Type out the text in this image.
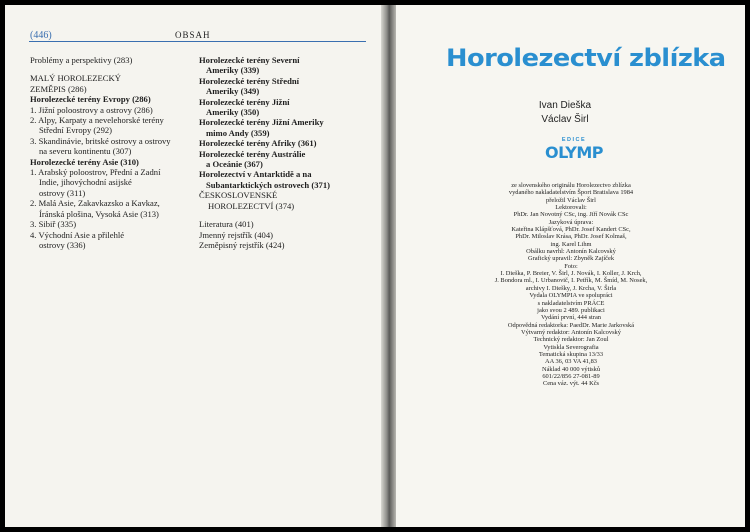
(446)	OBSAH
Problémy a perspektivy (283)
MALÝ HOROLEZECKÝ
ZEMĚPIS (286)
Horolezecké terény Evropy (286)
1. Jižní poloostrovy a ostrovy (286)
2. Alpy, Karpaty a nevelehorské terény
Střední Evropy (292)
3. Skandinávie, britské ostrovy a ostrovy
na severu kontinentu (307)
Horolezecké terény Asie (310)
1. Arabský poloostrov, Přední a Zadní
Indie, jihovýchodní asijské
ostrovy (311)
2. Malá Asie, Zakavkazsko a Kavkaz,
Íránská plošina, Vysoká Asie (313)
3. Sibiř (335)
4. Východní Asie a přilehlé
ostrovy (336)
Horolezecké terény Severní
Ameriky (339)
Horolezecké terény Střední
Ameriky (349)
Horolezecké terény Jižní
Ameriky (350)
Horolezecké terény Jižní Ameriky
mimo Andy (359)
Horolezecké terény Afriky (361)
Horolezecké terény Austrálie
a Oceánie (367)
Horolezectví v Antarktidě a na
Subantarktických ostrovech (371)
ČESKOSLOVENSKÉ
HOROLEZECTVÍ (374)
Literatura (401)
Jmenný rejstřík (404)
Zeměpisný rejstřík (424)
Horolezectví zblízka
Ivan Dieška
Václav Širl
EDICE
OLYMP
ze slovenského originálu Horolezectvo zblízka
vydaného nakladatelstvím Šport Bratislava 1984
přeložil Václav Širl
Lektorovali:
PhDr. Jan Novotný CSc, ing. Jiří Novák CSc
Jazyková úprava:
Kateřina Klápšťová, PhDr. Josef Kandert CSc,
PhDr. Miloslav Krása, PhDr. Josef Kolmaš,
ing. Karel Lihm
Obálku navrhl: Antonín Kalcovský
Grafický upravil: Zbyněk Zajíček
Foto:
I. Dieška, P. Breier, V. Širl, J. Novák, I. Koller, J. Krch,
J. Bondora ml., I. Urbanovič, I. Petřík, M. Šmíd, M. Nosek,
archivy I. Diešky, J. Krcha, V. Širla
Vydala OLYMPIA ve spolupráci
s nakladatelstvím PRÁCE
jako svou 2 489. publikaci
Vydání první, 444 stran
Odpovědná redaktorka: PaedDr. Marie Jarkovská
Výtvarný redaktor: Antonín Kalcovský
Technický redaktor: Jan Zoul
Vytiskla Severografia
Tematická skupina 13/33
AA 36, 03 VA 41,83
Náklad 40 000 výtisků
601/22/856 27-081-89
Cena váz. výt. 44 Kčs
